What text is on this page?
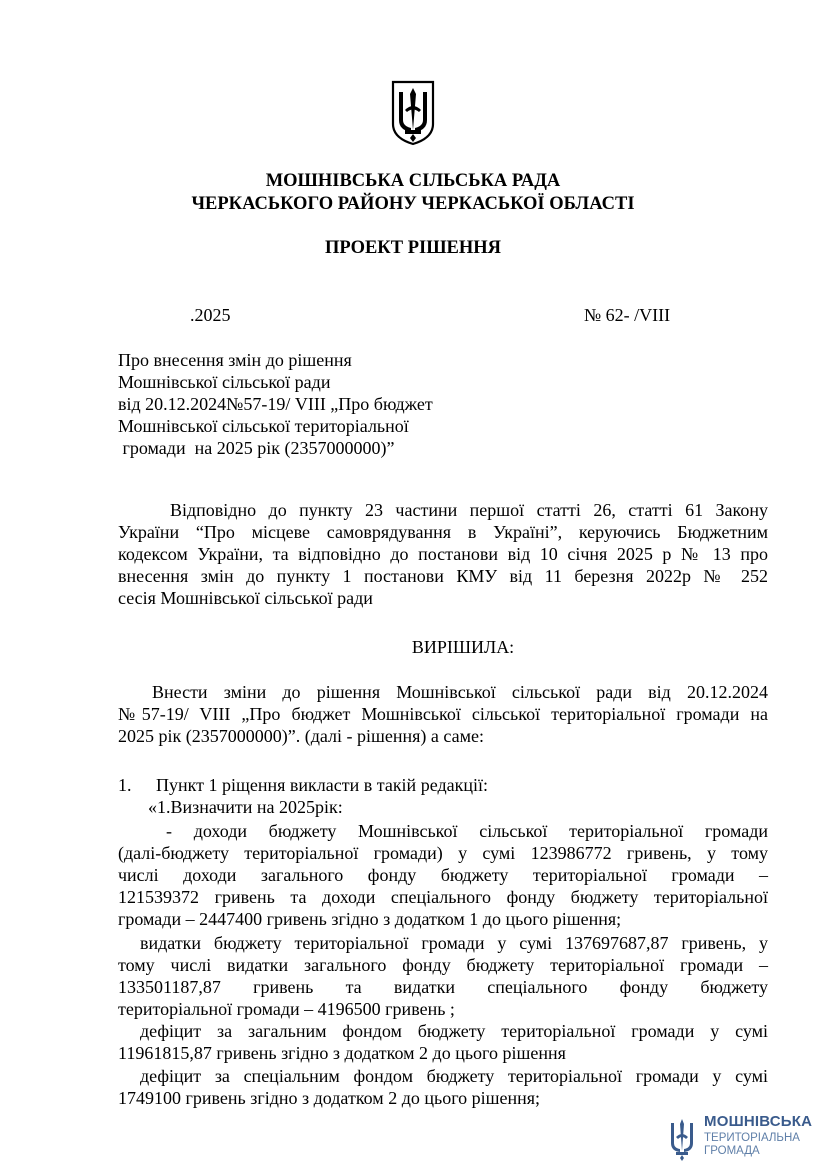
МОШНІВСЬКА СІЛЬСЬКА РАДА
ЧЕРКАСЬКОГО РАЙОНУ ЧЕРКАСЬКОЇ ОБЛАСТІ
ПРОЕКТ РІШЕННЯ
.2025	№ 62- /VIII
Про внесення змін до рішення
Мошнівської сільської ради
від 20.12.2024№57-19/ VIII „Про бюджет
Мошнівської сільської територіальної
громади  на 2025 рік (2357000000)”
Відповідно до пункту 23 частини першої статті 26, статті 61 Закону
України “Про місцеве самоврядування в Україні”, керуючись Бюджетним
кодексом України, та відповідно до постанови від 10 січня 2025 р № 13 про
внесення змін до пункту 1 постанови КМУ від 11 березня 2022р № 252
сесія Мошнівської сільської ради
ВИРІШИЛА:
Внести зміни до рішення Мошнівської сільської ради від 20.12.2024
№57-19/ VIII „Про бюджет Мошнівської сільської територіальної громади на
2025 рік (2357000000)”. (далі - рішення) а саме:
1. Пункт 1 ріщення викласти в такій редакції:
«1.Визначити на 2025рік:
- доходи бюджету Мошнівської сільської територіальної громади
(далі-бюджету територіальної громади) у сумі 123986772 гривень, у тому
числі доходи загального фонду бюджету територіальної громади –
121539372 гривень та доходи спеціального фонду бюджету територіальної
громади – 2447400 гривень згідно з додатком 1 до цього рішення;
видатки бюджету територіальної громади у сумі 137697687,87 гривень, у
тому числі видатки загального фонду бюджету територіальної громади –
133501187,87 гривень та видатки спеціального фонду бюджету
територіальної громади – 4196500 гривень ;
дефіцит за загальним фондом бюджету територіальної громади у сумі
11961815,87 гривень згідно з додатком 2 до цього рішення
дефіцит за спеціальним фондом бюджету територіальної громади у сумі
1749100 гривень згідно з додатком 2 до цього рішення;
МОШНІВСЬКА
ТЕРИТОРІАЛЬНА
ГРОМАДА
